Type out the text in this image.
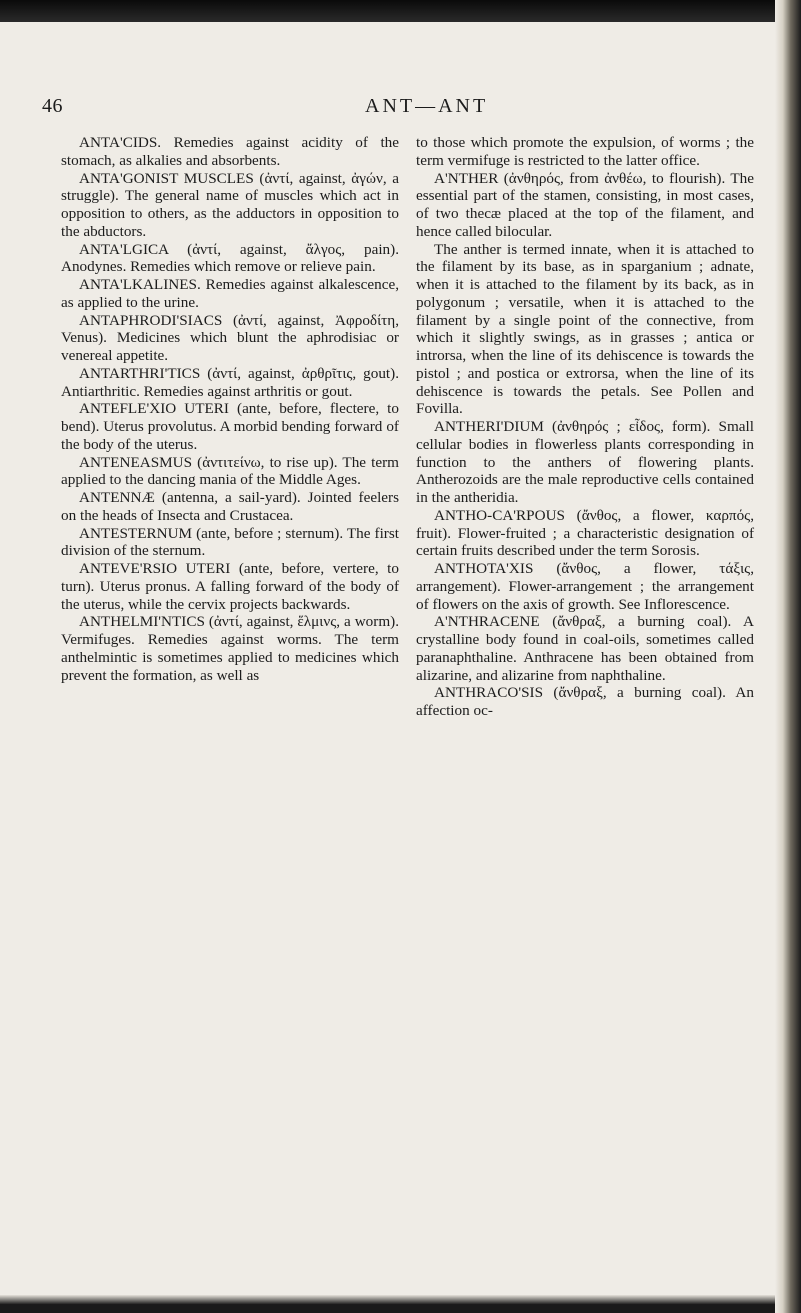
46	ANT—ANT

ANTA'CIDS. Remedies against acidity of the stomach, as alkalies and absorbents.

ANTA'GONIST MUSCLES (ἀντί, against, ἀγών, a struggle). The general name of muscles which act in opposition to others, as the adductors in opposition to the abductors.

ANTA'LGICA (ἀντί, against, ἄλγος, pain). Anodynes. Remedies which remove or relieve pain.

ANTA'LKALINES. Remedies against alkalescence, as applied to the urine.

ANTAPHRODI'SIACS (ἀντί, against, Ἀφροδίτη, Venus). Medicines which blunt the aphrodisiac or venereal appetite.

ANTARTHRI'TICS (ἀντί, against, ἀρθρῖτις, gout). Antiarthritic. Remedies against arthritis or gout.

ANTEFLE'XIO UTERI (ante, before, flectere, to bend). Uterus provolutus. A morbid bending forward of the body of the uterus.

ANTENEASMUS (ἀντιτείνω, to rise up). The term applied to the dancing mania of the Middle Ages.

ANTENNÆ (antenna, a sail-yard). Jointed feelers on the heads of Insecta and Crustacea.

ANTESTERNUM (ante, before ; sternum). The first division of the sternum.

ANTEVE'RSIO UTERI (ante, before, vertere, to turn). Uterus pronus. A falling forward of the body of the uterus, while the cervix projects backwards.

ANTHELMI'NTICS (ἀντί, against, ἕλμινς, a worm). Vermifuges. Remedies against worms. The term anthelmintic is sometimes applied to medicines which prevent the formation, as well as

to those which promote the expulsion, of worms ; the term vermifuge is restricted to the latter office.

A'NTHER (ἀνθηρός, from ἀνθέω, to flourish). The essential part of the stamen, consisting, in most cases, of two thecæ placed at the top of the filament, and hence called bilocular.

The anther is termed innate, when it is attached to the filament by its base, as in sparganium ; adnate, when it is attached to the filament by its back, as in polygonum ; versatile, when it is attached to the filament by a single point of the connective, from which it slightly swings, as in grasses ; antica or introrsa, when the line of its dehiscence is towards the pistol ; and postica or extrorsa, when the line of its dehiscence is towards the petals. See Pollen and Fovilla.

ANTHERI'DIUM (ἀνθηρός ; εἶδος, form). Small cellular bodies in flowerless plants corresponding in function to the anthers of flowering plants. Antherozoids are the male reproductive cells contained in the antheridia.

ANTHO-CA'RPOUS (ἄνθος, a flower, καρπός, fruit). Flower-fruited ; a characteristic designation of certain fruits described under the term Sorosis.

ANTHOTA'XIS (ἄνθος, a flower, τάξις, arrangement). Flower-arrangement ; the arrangement of flowers on the axis of growth. See Inflorescence.

A'NTHRACENE (ἄνθραξ, a burning coal). A crystalline body found in coal-oils, sometimes called paranaphthaline. Anthracene has been obtained from alizarine, and alizarine from naphthaline.

ANTHRACO'SIS (ἄνθραξ, a burning coal). An affection oc-
